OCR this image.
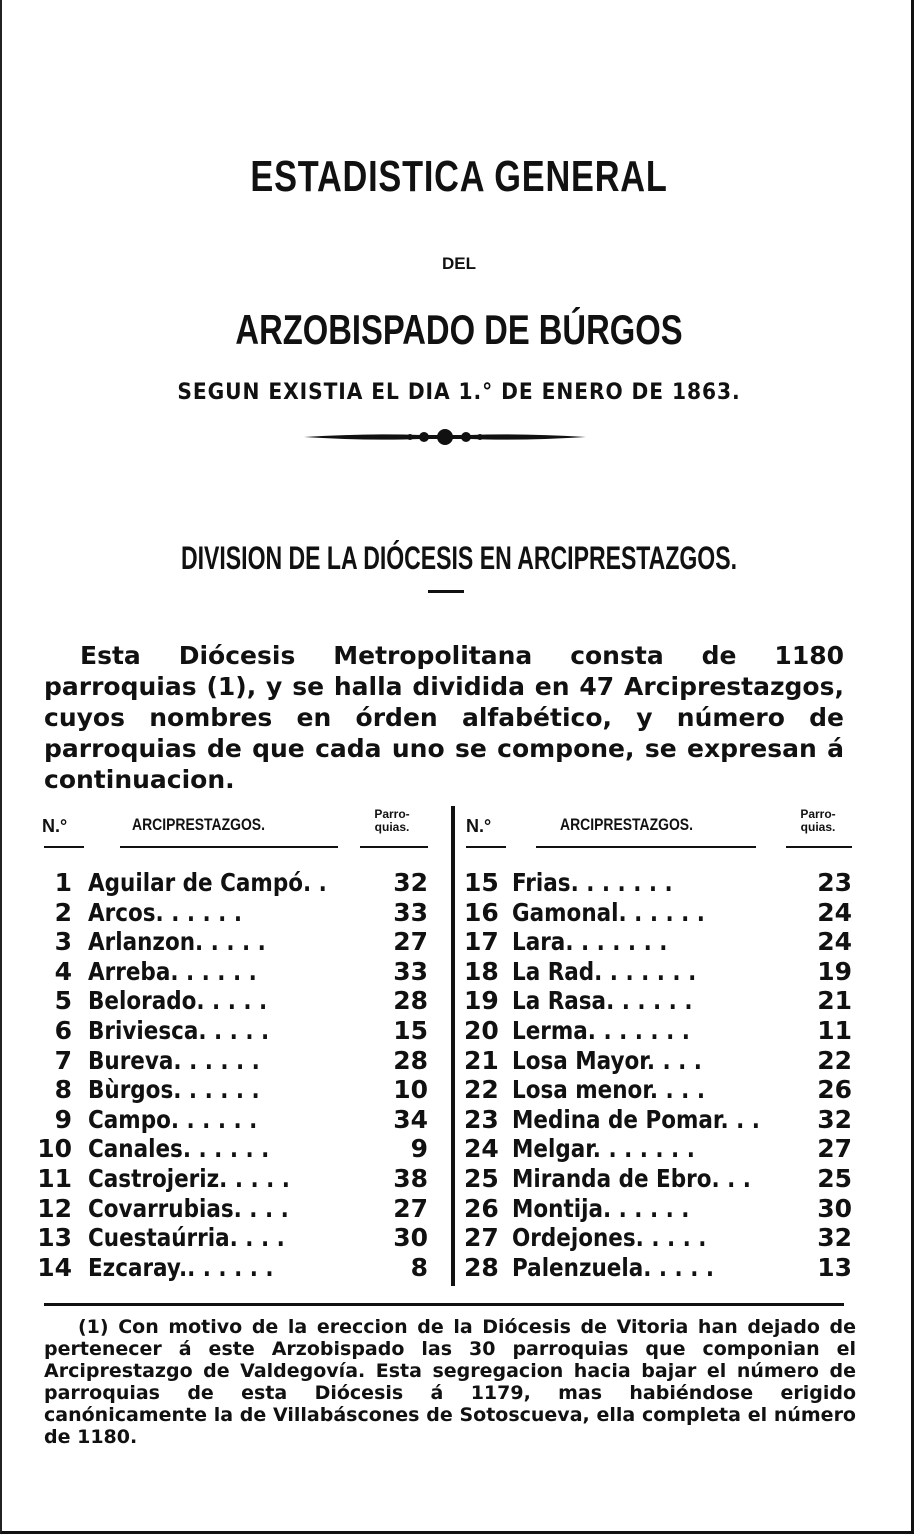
ESTADISTICA GENERAL
DEL
ARZOBISPADO DE BÚRGOS
SEGUN EXISTIA EL DIA 1.° DE ENERO DE 1863.
DIVISION DE LA DIÓCESIS EN ARCIPRESTAZGOS.
Esta Diócesis Metropolitana consta de 1180 parroquias (1), y se halla dividida en 47 Arciprestazgos, cuyos nombres en órden alfabético, y número de parroquias de que cada uno se compone, se expresan á continuacion.
N.°	ARCIPRESTAZGOS.
Parro-quias.	N.°	ARCIPRESTAZGOS.
Parro-quias.
1 Aguilar de Campó. .	32
2 Arcos. . . . . .	33
3 Arlanzon. . . . .	27
4 Arreba. . . . . .	33
5 Belorado. . . . .	28
6 Briviesca. . . . .	15
7 Bureva. . . . . .	28
8 Bùrgos. . . . . .	10
9 Campo. . . . . .	34
10 Canales. . . . . .	9
11 Castrojeriz. . . . .	38
12 Covarrubias. . . .	27
13 Cuestaúrria. . . .	30
14 Ezcaray.. . . . . .	8
15 Frias. . . . . . .	23
16 Gamonal. . . . . .	24
17 Lara. . . . . . .	24
18 La Rad. . . . . . .	19
19 La Rasa. . . . . .	21
20 Lerma. . . . . . .	11
21 Losa Mayor. . . .	22
22 Losa menor. . . .	26
23 Medina de Pomar. . .	32
24 Melgar. . . . . . .	27
25 Miranda de Ebro. . .	25
26 Montija. . . . . .	30
27 Ordejones. . . . .	32
28 Palenzuela. . . . .	13
(1) Con motivo de la ereccion de la Diócesis de Vitoria han dejado de pertenecer á este Arzobispado las 30 parroquias que componian el Arciprestazgo de Valdegovía. Esta segregacion hacia bajar el número de parroquias de esta Diócesis á 1179, mas habiéndose erigido canónicamente la de Villabáscones de Sotoscueva, ella completa el número de 1180.
